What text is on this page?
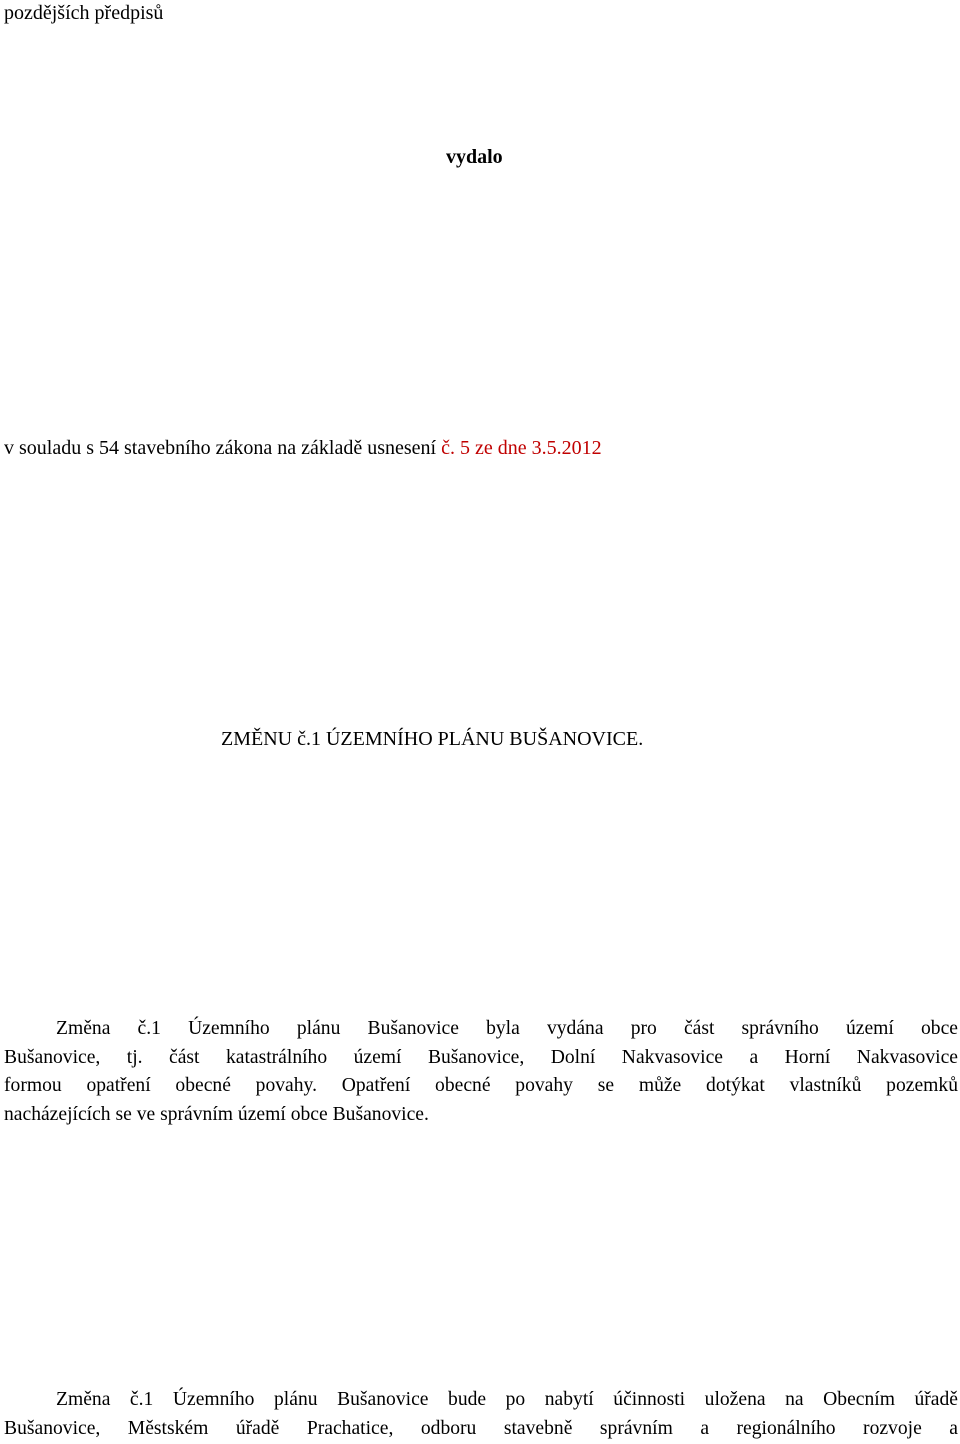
pozdějších předpisů
vydalo
v souladu s 54 stavebního zákona na základě usnesení č. 5 ze dne 3.5.2012
ZMĚNU č.1 ÚZEMNÍHO PLÁNU BUŠANOVICE.
Změna č.1 Územního plánu Bušanovice byla vydána pro část správního území obce
Bušanovice, tj. část katastrálního území Bušanovice, Dolní Nakvasovice a Horní Nakvasovice
formou opatření obecné povahy. Opatření obecné povahy se může dotýkat vlastníků pozemků
nacházejících se ve správním území obce Bušanovice.
Změna č.1 Územního plánu Bušanovice bude po nabytí účinnosti uložena na Obecním úřadě
Bušanovice, Městském úřadě Prachatice, odboru stavebně správním a regionálního rozvoje a
